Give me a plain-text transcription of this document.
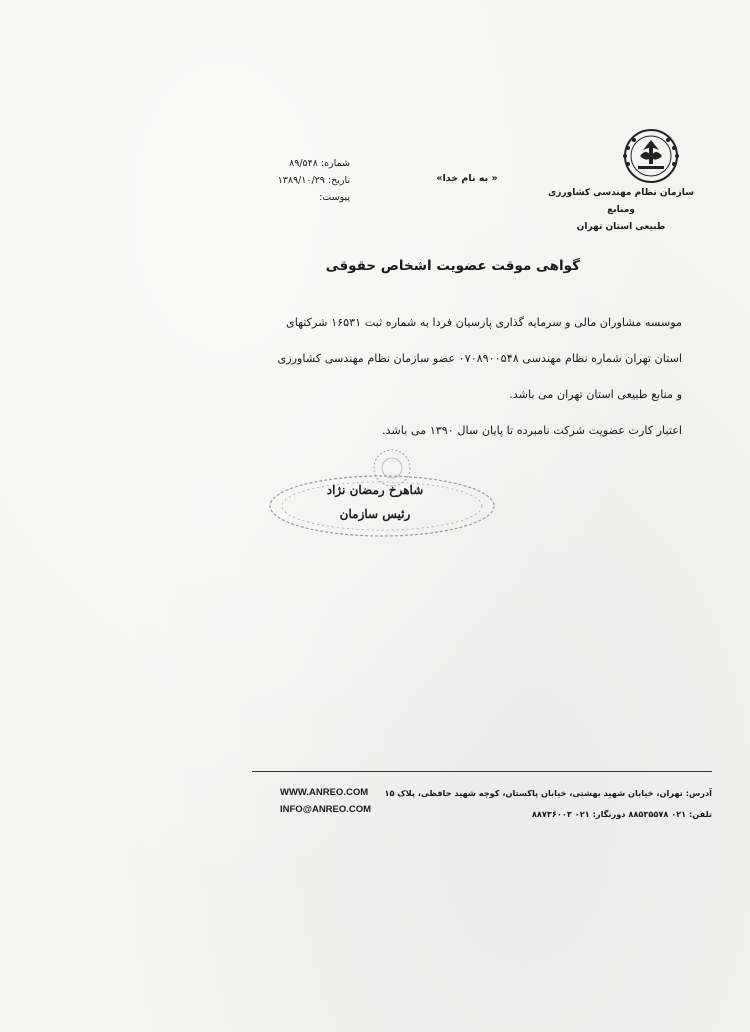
سازمان نظام مهندسی کشاورزی ومنابع
طبیعی استان تهران
« به نام خدا»
شماره: ۸۹/۵۴۸
تاریخ: ۱۳۸۹/۱۰/۲۹
پیوست:
گواهی موقت عضویت اشخاص حقوقی

موسسه مشاوران مالی و سرمایه گذاری پارسیان فردا به شماره ثبت ۱۶۵۳۱ شرکتهای

استان تهران شماره نظام مهندسی ۰۷۰۸۹۰۰۵۴۸ عضو سازمان نظام مهندسی کشاورزی

و منابع طبیعی استان تهران می باشد.

اعتبار کارت عضویت شرکت نامبرده تا پایان سال ۱۳۹۰ می باشد.

شاهرخ رمضان نژاد
رئیس سازمان
WWW.ANREO.COM
INFO@ANREO.COM
آدرس: تهران، خیابان شهید بهشتی، خیابان پاکستان، کوچه شهید حافظی، پلاک ۱۵
تلفن: ۰۲۱ ۸۸۵۳۵۵۷۸ دورنگار: ۰۲۱ ۸۸۷۳۶۰۰۳
